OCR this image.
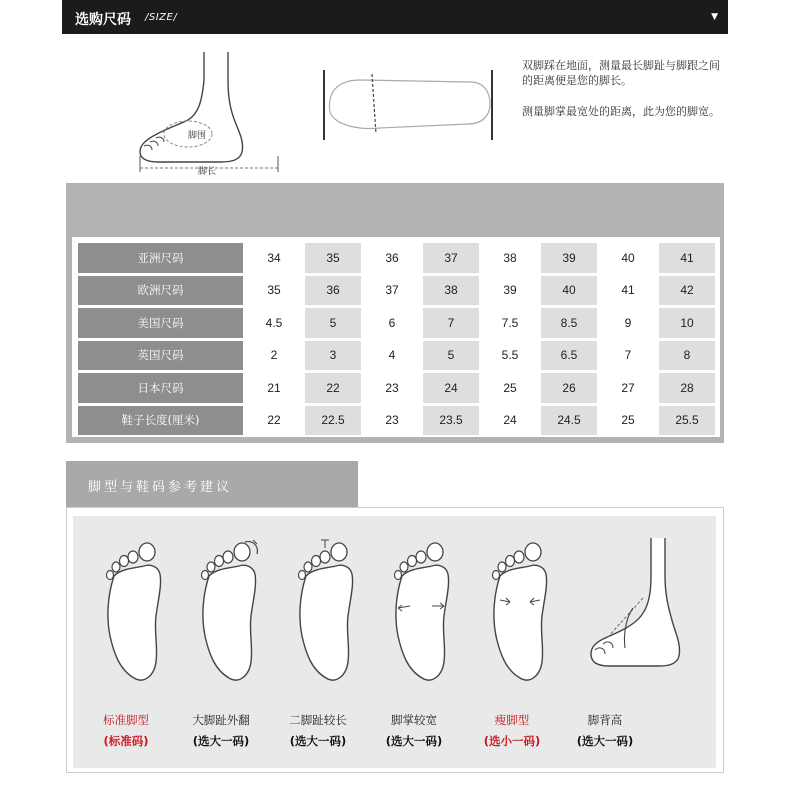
选购尺码 /SIZE/	▼
脚围
脚长

双脚踩在地面，测量最长脚趾与脚跟之间的距离便是您的脚长。

测量脚掌最宽处的距离，此为您的脚宽。

亚洲尺码	34	35	36	37	38	39	40	41
欧洲尺码	35	36	37	38	39	40	41	42
美国尺码	4.5	5	6	7	7.5	8.5	9	10
英国尺码	2	3	4	5	5.5	6.5	7	8
日本尺码	21	22	23	24	25	26	27	28
鞋子长度(厘米)	22	22.5	23	23.5	24	24.5	25	25.5
脚型与鞋码参考建议
标准脚型
(标准码)
大脚趾外翻
(选大一码)
二脚趾较长
(选大一码)
脚掌较宽
(选大一码)
瘦脚型
(选小一码)
脚背高
(选大一码)
